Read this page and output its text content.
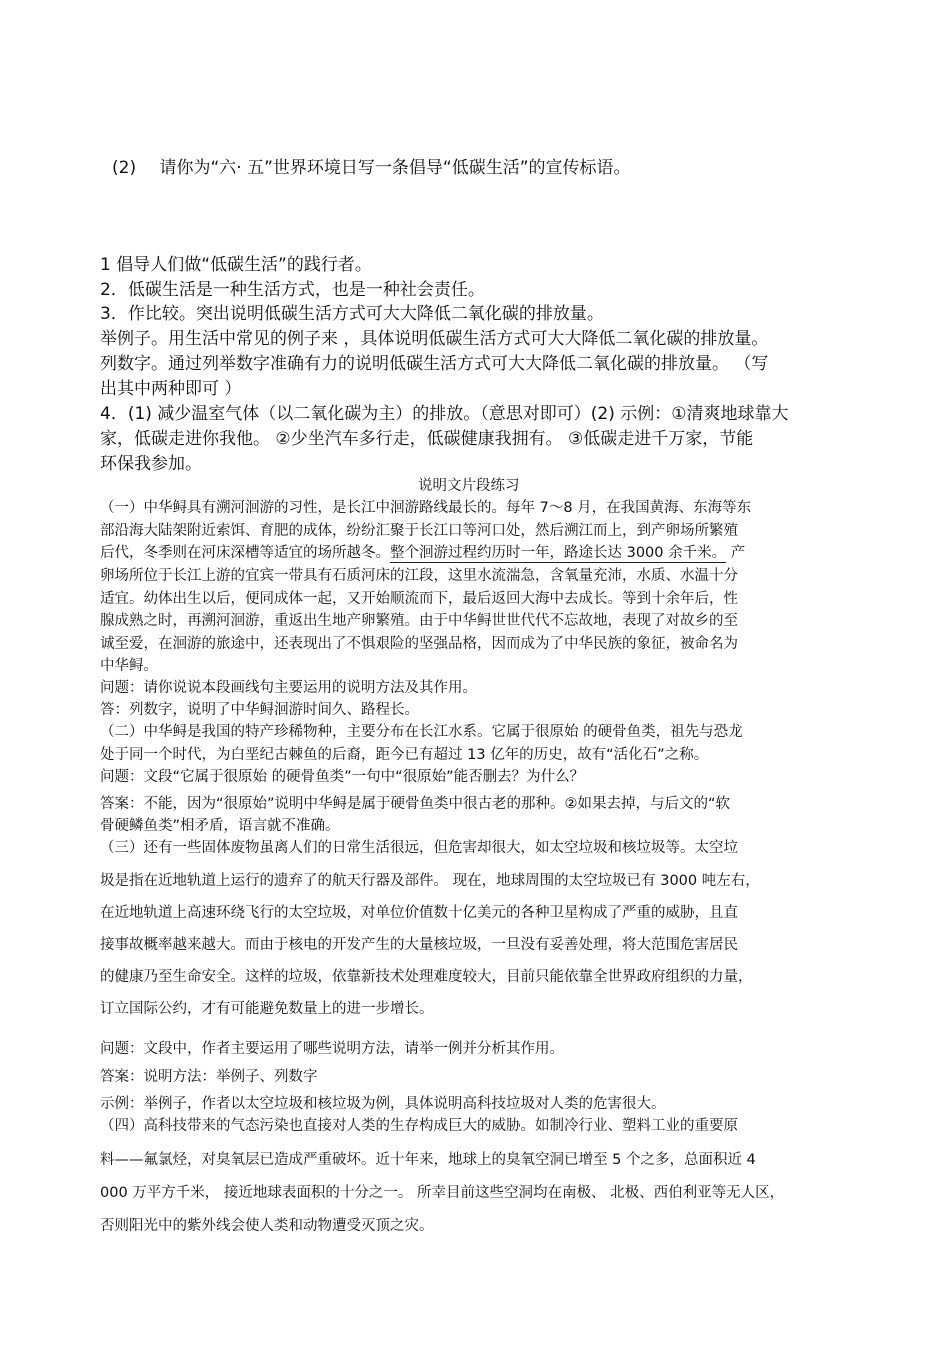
(2) 请你为“六· 五”世界环境日写一条倡导“低碳生活”的宣传标语。
1 倡导人们做“低碳生活”的践行者。
2．低碳生活是一种生活方式，也是一种社会责任。
3．作比较。突出说明低碳生活方式可大大降低二氧化碳的排放量。
举例子。用生活中常见的例子来 ，具体说明低碳生活方式可大大降低二氧化碳的排放量。
列数字。通过列举数字准确有力的说明低碳生活方式可大大降低二氧化碳的排放量。 （写
出其中两种即可 ）
4．(1) 减少温室气体（以二氧化碳为主）的排放。（意思对即可）(2) 示例：①清爽地球靠大
家，低碳走进你我他。 ②少坐汽车多行走，低碳健康我拥有。 ③低碳走进千万家，节能
环保我参加。
说明文片段练习
（一）中华鲟具有溯河洄游的习性，是长江中洄游路线最长的。每年 7～8 月，在我国黄海、东海等东
部沿海大陆架附近索饵、育肥的成体，纷纷汇聚于长江口等河口处，然后溯江而上，到产卵场所繁殖
后代，冬季则在河床深槽等适宜的场所越冬。整个洄游过程约历时一年，路途长达 3000 余千米。 产
卵场所位于长江上游的宜宾一带具有石质河床的江段，这里水流湍急，含氧量充沛，水质、水温十分
适宜。幼体出生以后，便同成体一起，又开始顺流而下，最后返回大海中去成长。等到十余年后，性
腺成熟之时，再溯河洄游，重返出生地产卵繁殖。由于中华鲟世世代代不忘故地，表现了对故乡的至
诚至爱，在洄游的旅途中，还表现出了不惧艰险的坚强品格，因而成为了中华民族的象征，被命名为
中华鲟。
问题：请你说说本段画线句主要运用的说明方法及其作用。
答：列数字，说明了中华鲟洄游时间久、路程长。
（二）中华鲟是我国的特产珍稀物种，主要分布在长江水系。它属于很原始 的硬骨鱼类，祖先与恐龙
处于同一个时代，为白垩纪古棘鱼的后裔，距今已有超过 13 亿年的历史，故有“活化石”之称。
问题：文段“它属于很原始 的硬骨鱼类”一句中“很原始”能否删去？为什么？
答案：不能，因为“很原始”说明中华鲟是属于硬骨鱼类中很古老的那种。②如果去掉，与后文的“软
骨硬鳞鱼类”相矛盾，语言就不准确。
（三）还有一些固体废物虽离人们的日常生活很远，但危害却很大，如太空垃圾和核垃圾等。太空垃
圾是指在近地轨道上运行的遗弃了的航天行器及部件。 现在，地球周围的太空垃圾已有 3000 吨左右，
在近地轨道上高速环绕飞行的太空垃圾，对单位价值数十亿美元的各种卫星构成了严重的威胁，且直
接事故概率越来越大。而由于核电的开发产生的大量核垃圾，一旦没有妥善处理，将大范围危害居民
的健康乃至生命安全。这样的垃圾，依靠新技术处理难度较大，目前只能依靠全世界政府组织的力量，
订立国际公约，才有可能避免数量上的进一步增长。
问题：文段中，作者主要运用了哪些说明方法，请举一例并分析其作用。
答案：说明方法：举例子、列数字
示例：举例子，作者以太空垃圾和核垃圾为例，具体说明高科技垃圾对人类的危害很大。
（四）高科技带来的气态污染也直接对人类的生存构成巨大的威胁。如制冷行业、塑料工业的重要原
料——氟氯烃，对臭氧层已造成严重破坏。近十年来，地球上的臭氧空洞已增至 5 个之多，总面积近 4
000 万平方千米， 接近地球表面积的十分之一。 所幸目前这些空洞均在南极、 北极、西伯利亚等无人区，
否则阳光中的紫外线会使人类和动物遭受灭顶之灾。
